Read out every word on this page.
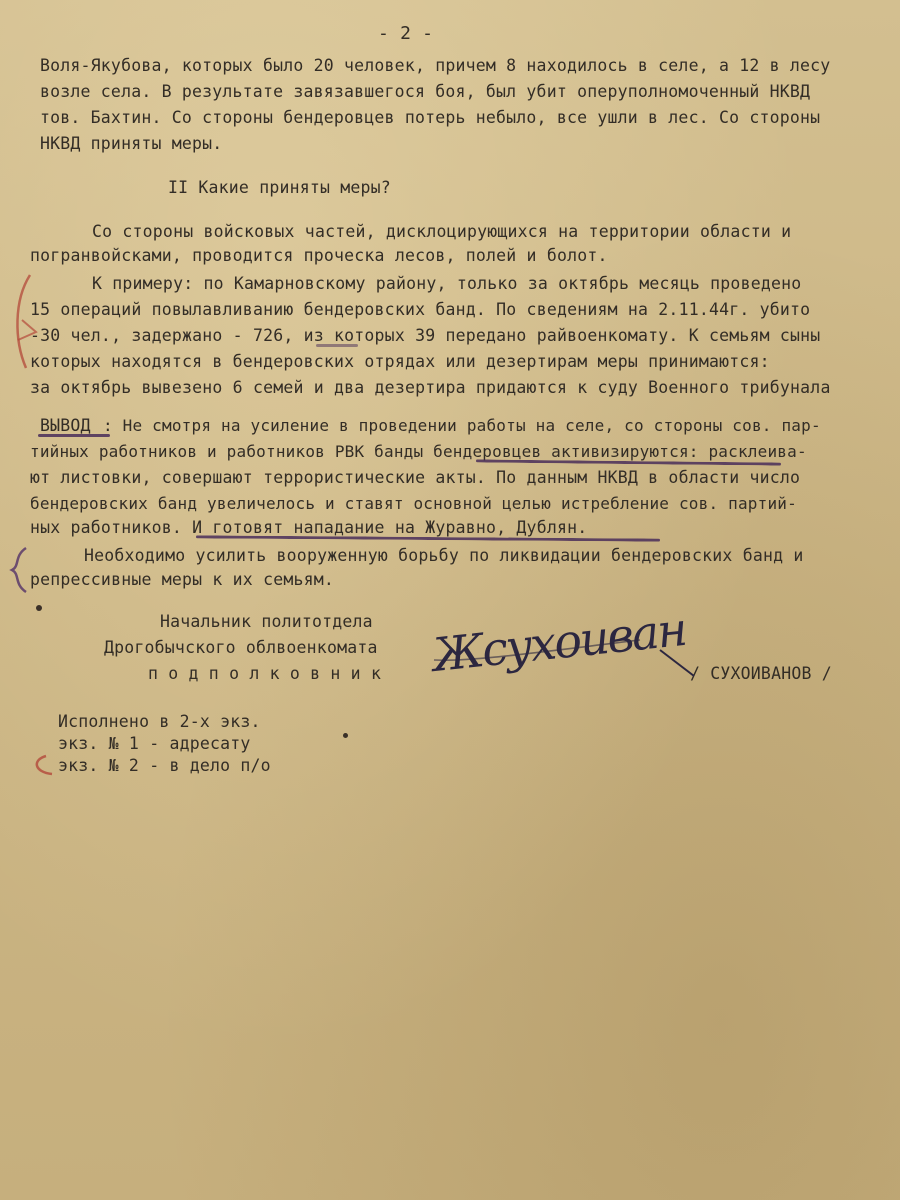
- 2 -
Воля-Якубова, которых было 20 человек, причем 8 находилось в селе, а 12 в лесу
возле села. В результате завязавшегося боя, был убит оперуполномоченный НКВД
тов. Бахтин. Со стороны бендеровцев потерь небыло, все ушли в лес. Со стороны
НКВД приняты меры.
II Какие приняты меры?
Со стороны войсковых частей, дисклоцирующихся на территории области и
погранвойсками, проводится проческа лесов, полей и болот.
К примеру: по Камарновскому району, только за октябрь месяць проведено
15 операций повылавливанию бендеровских банд. По сведениям на 2.11.44г. убито
-30 чел., задержано - 726, из которых 39 передано райвоенкомату. К семьям сыны
которых находятся в бендеровских отрядах или дезертирам меры принимаются:
за октябрь вывезено 6 семей и два дезертира придаются к суду Военного трибунала
ВЫВОД : Не смотря на усиление в проведении работы на селе, со стороны сов. пар-
тийных работников и работников РВК банды бендеровцев активизируются: расклеива-
ют листовки, совершают террористические акты. По данным НКВД в области число
бендеровских банд увеличелось и ставят основной целью истребление сов. партий-
ных работников. И готовят нападание на Журавно, Дублян.
Необходимо усилить вооруженную борьбу по ликвидации бендеровских банд и
репрессивные меры к их семьям.
Начальник политотдела
Дрогобычского облвоенкомата
п о д п о л к о в н и к	/ СУХОИВАНОВ /
Жсухоиван
Исполнено в 2-х экз.
экз. № 1 - адресату
экз. № 2 - в дело п/о
